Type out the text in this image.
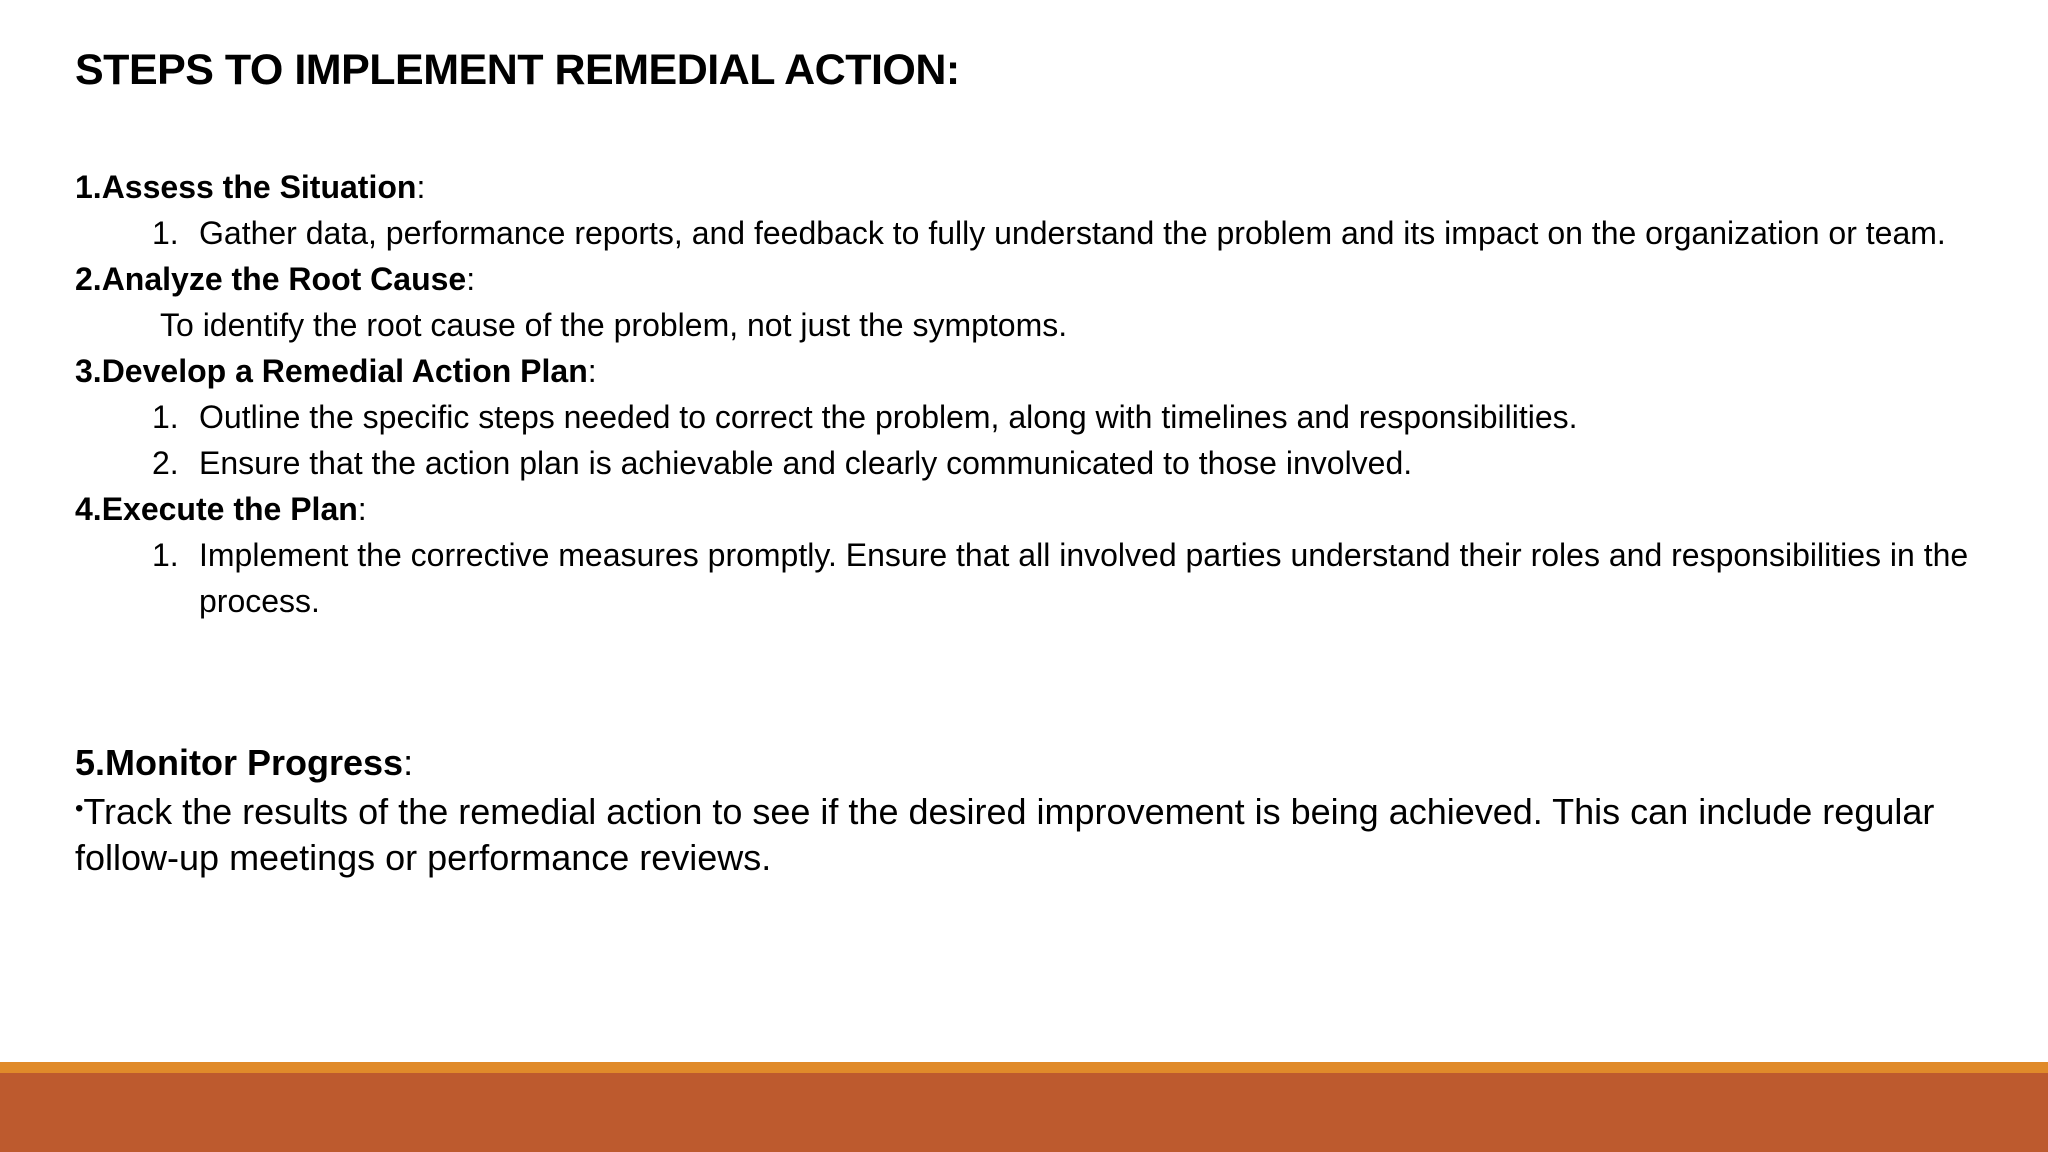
STEPS TO IMPLEMENT REMEDIAL ACTION:
1.Assess the Situation:
1. Gather data, performance reports, and feedback to fully understand the problem and its impact on the organization or team.
2.Analyze the Root Cause:
To identify the root cause of the problem, not just the symptoms.
3.Develop a Remedial Action Plan:
1. Outline the specific steps needed to correct the problem, along with timelines and responsibilities.
2. Ensure that the action plan is achievable and clearly communicated to those involved.
4.Execute the Plan:
1. Implement the corrective measures promptly. Ensure that all involved parties understand their roles and responsibilities in the process.
5.Monitor Progress:
•Track the results of the remedial action to see if the desired improvement is being achieved. This can include regular follow-up meetings or performance reviews.
